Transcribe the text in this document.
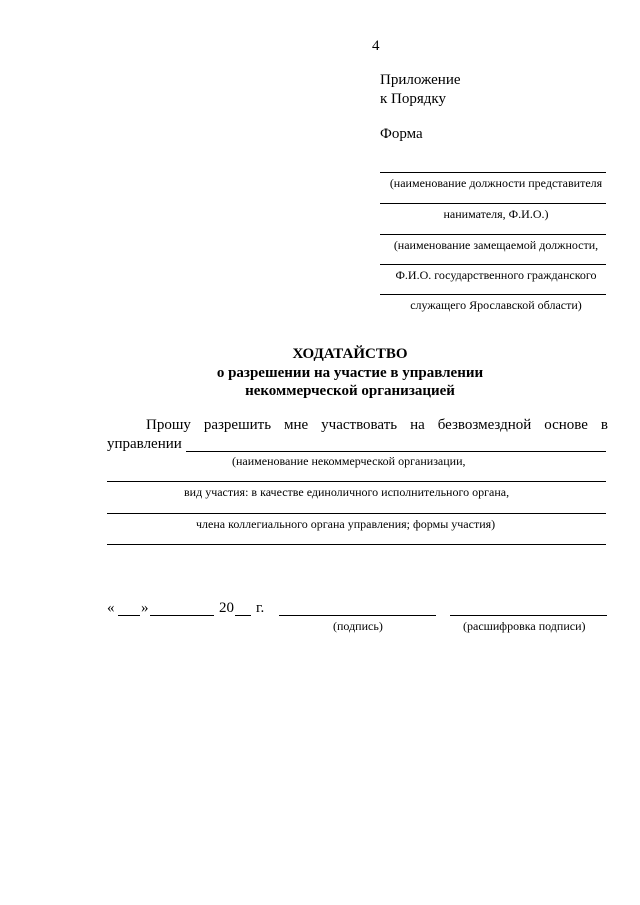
4
Приложение
к Порядку
Форма
(наименование должности представителя
нанимателя, Ф.И.О.)
(наименование замещаемой должности,
Ф.И.О. государственного гражданского
служащего Ярославской области)
ХОДАТАЙСТВО
о разрешении на участие в управлении
некоммерческой организацией
Прошу разрешить мне участвовать на безвозмездной основе в
управлении
(наименование некоммерческой организации,
вид участия: в качестве единоличного исполнительного органа,
члена коллегиального органа управления; формы участия)
« »	20 г.
(подпись)	(расшифровка подписи)
